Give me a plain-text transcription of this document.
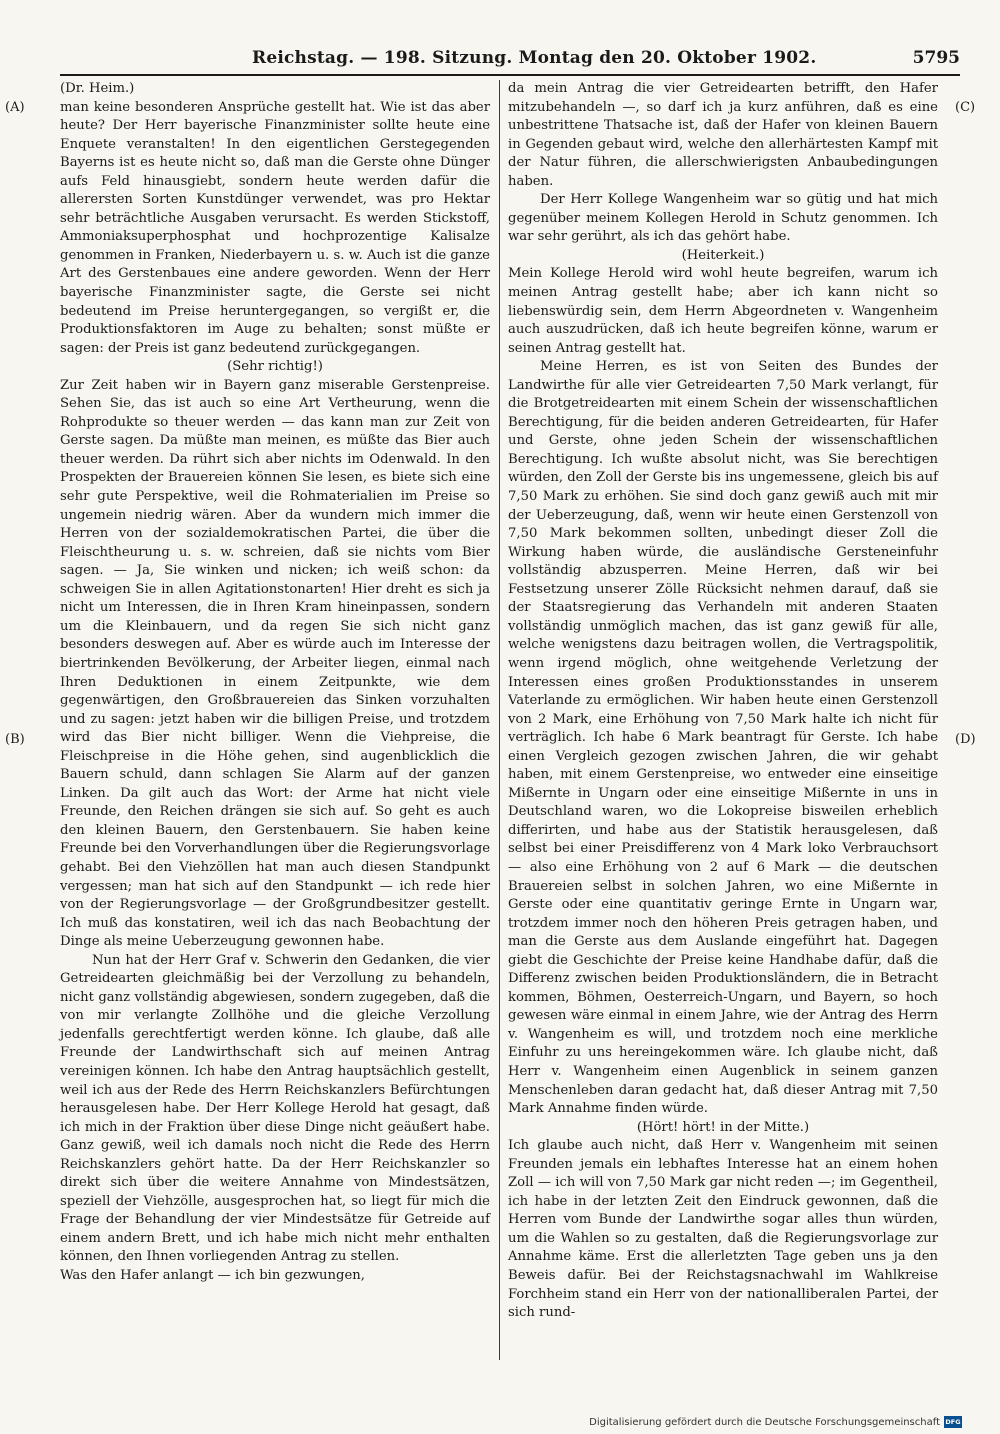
Reichstag. — 198. Sitzung. Montag den 20. Oktober 1902.	5795
(A)
(B)
(C)
(D)

(Dr. Heim.)

man keine besonderen Ansprüche gestellt hat. Wie ist das aber heute? Der Herr bayerische Finanzminister sollte heute eine Enquete veranstalten! In den eigentlichen Gerstegegenden Bayerns ist es heute nicht so, daß man die Gerste ohne Dünger aufs Feld hinausgiebt, sondern heute werden dafür die allerersten Sorten Kunstdünger verwendet, was pro Hektar sehr beträchtliche Ausgaben verursacht. Es werden Stickstoff, Ammoniaksuperphosphat und hochprozentige Kalisalze genommen in Franken, Niederbayern u. s. w. Auch ist die ganze Art des Gerstenbaues eine andere geworden. Wenn der Herr bayerische Finanzminister sagte, die Gerste sei nicht bedeutend im Preise heruntergegangen, so vergißt er, die Produktionsfaktoren im Auge zu behalten; sonst müßte er sagen: der Preis ist ganz bedeutend zurückgegangen.

(Sehr richtig!)

Zur Zeit haben wir in Bayern ganz miserable Gerstenpreise. Sehen Sie, das ist auch so eine Art Vertheurung, wenn die Rohprodukte so theuer werden — das kann man zur Zeit von Gerste sagen. Da müßte man meinen, es müßte das Bier auch theuer werden. Da rührt sich aber nichts im Odenwald. In den Prospekten der Brauereien können Sie lesen, es biete sich eine sehr gute Perspektive, weil die Rohmaterialien im Preise so ungemein niedrig wären. Aber da wundern mich immer die Herren von der sozialdemokratischen Partei, die über die Fleischtheurung u. s. w. schreien, daß sie nichts vom Bier sagen. — Ja, Sie winken und nicken; ich weiß schon: da schweigen Sie in allen Agitationstonarten! Hier dreht es sich ja nicht um Interessen, die in Ihren Kram hineinpassen, sondern um die Kleinbauern, und da regen Sie sich nicht ganz besonders deswegen auf. Aber es würde auch im Interesse der biertrinkenden Bevölkerung, der Arbeiter liegen, einmal nach Ihren Deduktionen in einem Zeitpunkte, wie dem gegenwärtigen, den Großbrauereien das Sinken vorzuhalten und zu sagen: jetzt haben wir die billigen Preise, und trotzdem wird das Bier nicht billiger. Wenn die Viehpreise, die Fleischpreise in die Höhe gehen, sind augenblicklich die Bauern schuld, dann schlagen Sie Alarm auf der ganzen Linken. Da gilt auch das Wort: der Arme hat nicht viele Freunde, den Reichen drängen sie sich auf. So geht es auch den kleinen Bauern, den Gerstenbauern. Sie haben keine Freunde bei den Vorverhandlungen über die Regierungsvorlage gehabt. Bei den Viehzöllen hat man auch diesen Standpunkt vergessen; man hat sich auf den Standpunkt — ich rede hier von der Regierungsvorlage — der Großgrundbesitzer gestellt. Ich muß das konstatiren, weil ich das nach Beobachtung der Dinge als meine Ueberzeugung gewonnen habe.

Nun hat der Herr Graf v. Schwerin den Gedanken, die vier Getreidearten gleichmäßig bei der Verzollung zu behandeln, nicht ganz vollständig abgewiesen, sondern zugegeben, daß die von mir verlangte Zollhöhe und die gleiche Verzollung jedenfalls gerechtfertigt werden könne. Ich glaube, daß alle Freunde der Landwirthschaft sich auf meinen Antrag vereinigen können. Ich habe den Antrag hauptsächlich gestellt, weil ich aus der Rede des Herrn Reichskanzlers Befürchtungen herausgelesen habe. Der Herr Kollege Herold hat gesagt, daß ich mich in der Fraktion über diese Dinge nicht geäußert habe. Ganz gewiß, weil ich damals noch nicht die Rede des Herrn Reichskanzlers gehört hatte. Da der Herr Reichskanzler so direkt sich über die weitere Annahme von Mindestsätzen, speziell der Viehzölle, ausgesprochen hat, so liegt für mich die Frage der Behandlung der vier Mindestsätze für Getreide auf einem andern Brett, und ich habe mich nicht mehr enthalten können, den Ihnen vorliegenden Antrag zu stellen.

Was den Hafer anlangt — ich bin gezwungen,

da mein Antrag die vier Getreidearten betrifft, den Hafer mitzubehandeln —, so darf ich ja kurz anführen, daß es eine unbestrittene Thatsache ist, daß der Hafer von kleinen Bauern in Gegenden gebaut wird, welche den allerhärtesten Kampf mit der Natur führen, die allerschwierigsten Anbaubedingungen haben.

Der Herr Kollege Wangenheim war so gütig und hat mich gegenüber meinem Kollegen Herold in Schutz genommen. Ich war sehr gerührt, als ich das gehört habe.

(Heiterkeit.)

Mein Kollege Herold wird wohl heute begreifen, warum ich meinen Antrag gestellt habe; aber ich kann nicht so liebenswürdig sein, dem Herrn Abgeordneten v. Wangenheim auch auszudrücken, daß ich heute begreifen könne, warum er seinen Antrag gestellt hat.

Meine Herren, es ist von Seiten des Bundes der Landwirthe für alle vier Getreidearten 7,50 Mark verlangt, für die Brotgetreidearten mit einem Schein der wissenschaftlichen Berechtigung, für die beiden anderen Getreidearten, für Hafer und Gerste, ohne jeden Schein der wissenschaftlichen Berechtigung. Ich wußte absolut nicht, was Sie berechtigen würden, den Zoll der Gerste bis ins ungemessene, gleich bis auf 7,50 Mark zu erhöhen. Sie sind doch ganz gewiß auch mit mir der Ueberzeugung, daß, wenn wir heute einen Gerstenzoll von 7,50 Mark bekommen sollten, unbedingt dieser Zoll die Wirkung haben würde, die ausländische Gersteneinfuhr vollständig abzusperren. Meine Herren, daß wir bei Festsetzung unserer Zölle Rücksicht nehmen darauf, daß sie der Staatsregierung das Verhandeln mit anderen Staaten vollständig unmöglich machen, das ist ganz gewiß für alle, welche wenigstens dazu beitragen wollen, die Vertragspolitik, wenn irgend möglich, ohne weitgehende Verletzung der Interessen eines großen Produktionsstandes in unserem Vaterlande zu ermöglichen. Wir haben heute einen Gerstenzoll von 2 Mark, eine Erhöhung von 7,50 Mark halte ich nicht für verträglich. Ich habe 6 Mark beantragt für Gerste. Ich habe einen Vergleich gezogen zwischen Jahren, die wir gehabt haben, mit einem Gerstenpreise, wo entweder eine einseitige Mißernte in Ungarn oder eine einseitige Mißernte in uns in Deutschland waren, wo die Lokopreise bisweilen erheblich differirten, und habe aus der Statistik herausgelesen, daß selbst bei einer Preisdifferenz von 4 Mark loko Verbrauchsort — also eine Erhöhung von 2 auf 6 Mark — die deutschen Brauereien selbst in solchen Jahren, wo eine Mißernte in Gerste oder eine quantitativ geringe Ernte in Ungarn war, trotzdem immer noch den höheren Preis getragen haben, und man die Gerste aus dem Auslande eingeführt hat. Dagegen giebt die Geschichte der Preise keine Handhabe dafür, daß die Differenz zwischen beiden Produktionsländern, die in Betracht kommen, Böhmen, Oesterreich-Ungarn, und Bayern, so hoch gewesen wäre einmal in einem Jahre, wie der Antrag des Herrn v. Wangenheim es will, und trotzdem noch eine merkliche Einfuhr zu uns hereingekommen wäre. Ich glaube nicht, daß Herr v. Wangenheim einen Augenblick in seinem ganzen Menschenleben daran gedacht hat, daß dieser Antrag mit 7,50 Mark Annahme finden würde.

(Hört! hört! in der Mitte.)

Ich glaube auch nicht, daß Herr v. Wangenheim mit seinen Freunden jemals ein lebhaftes Interesse hat an einem hohen Zoll — ich will von 7,50 Mark gar nicht reden —; im Gegentheil, ich habe in der letzten Zeit den Eindruck gewonnen, daß die Herren vom Bunde der Landwirthe sogar alles thun würden, um die Wahlen so zu gestalten, daß die Regierungsvorlage zur Annahme käme. Erst die allerletzten Tage geben uns ja den Beweis dafür. Bei der Reichstagsnachwahl im Wahlkreise Forchheim stand ein Herr von der nationalliberalen Partei, der sich rund-

Digitalisierung gefördert durch die Deutsche Forschungsgemeinschaft DFG
